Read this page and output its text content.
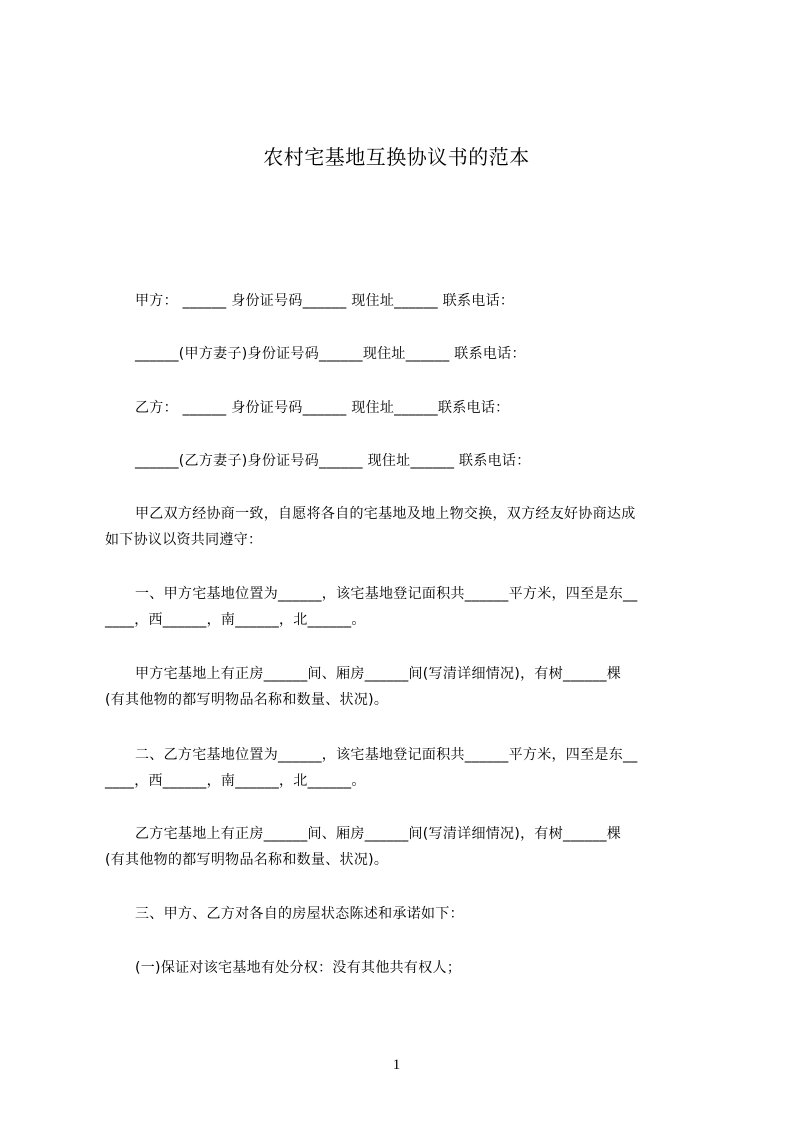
农村宅基地互换协议书的范本
甲方： ______ 身份证号码______ 现住址______ 联系电话：
______(甲方妻子)身份证号码______现住址______ 联系电话：
乙方： ______ 身份证号码______ 现住址______联系电话：
______(乙方妻子)身份证号码______ 现住址______ 联系电话：
甲乙双方经协商一致，自愿将各自的宅基地及地上物交换，双方经友好协商达成
如下协议以资共同遵守：
一、甲方宅基地位置为______，该宅基地登记面积共______平方米，四至是东__
____，西______，南______，北______。
甲方宅基地上有正房______间、厢房______间(写清详细情况)，有树______棵
(有其他物的都写明物品名称和数量、状况)。
二、乙方宅基地位置为______，该宅基地登记面积共______平方米，四至是东__
____，西______，南______，北______。
乙方宅基地上有正房______间、厢房______间(写清详细情况)，有树______棵
(有其他物的都写明物品名称和数量、状况)。
三、甲方、乙方对各自的房屋状态陈述和承诺如下：
(一)保证对该宅基地有处分权：没有其他共有权人；
1
